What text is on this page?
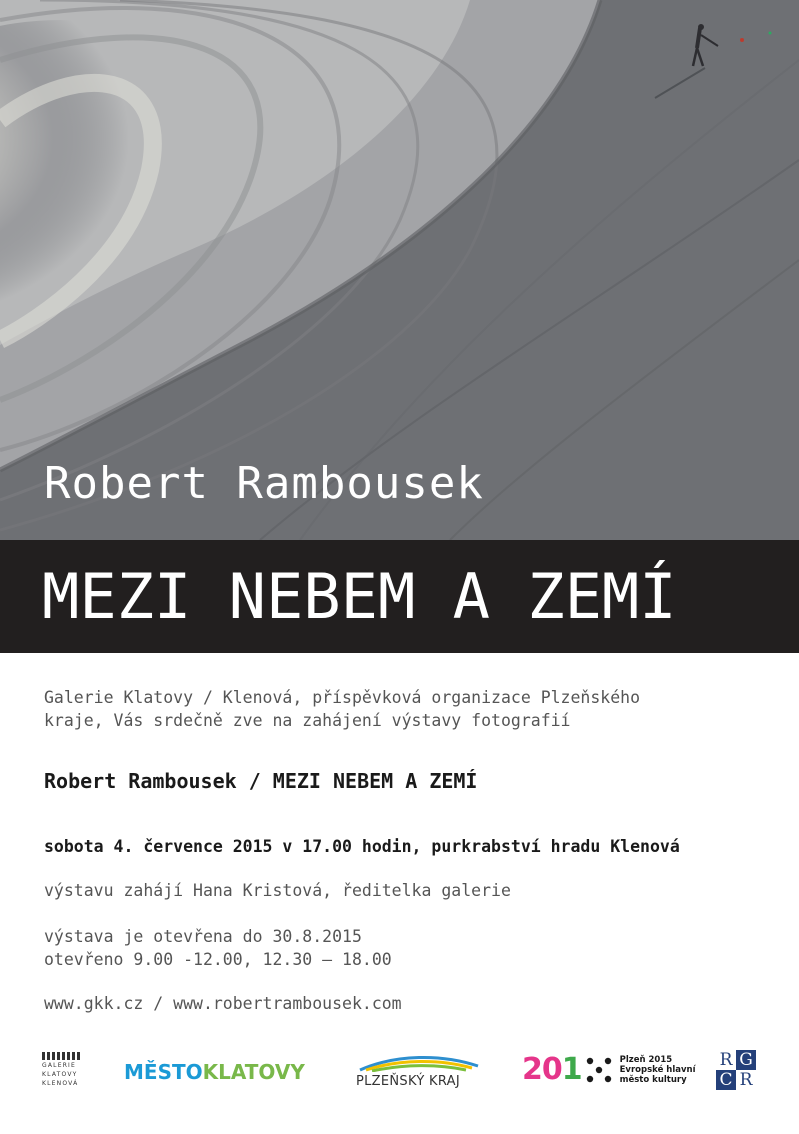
Robert Rambousek
MEZI NEBEM A ZEMÍ
Galerie Klatovy / Klenová, příspěvková organizace Plzeňského
kraje, Vás srdečně zve na zahájení výstavy fotografií
Robert Rambousek / MEZI NEBEM A ZEMÍ
sobota 4. července 2015 v 17.00 hodin, purkrabství hradu Klenová
výstavu zahájí Hana Kristová, ředitelka galerie
výstava je otevřena do 30.8.2015
otevřeno 9.00 -12.00, 12.30 – 18.00
www.gkk.cz / www.robertrambousek.com
GALERIE
KLATOVY
KLENOVÁ MĚSTOKLATOVY	PLZEŇSKÝ KRAJ	201	Plzeň 2015
Evropské hlavní
město kultury
R G
C R
